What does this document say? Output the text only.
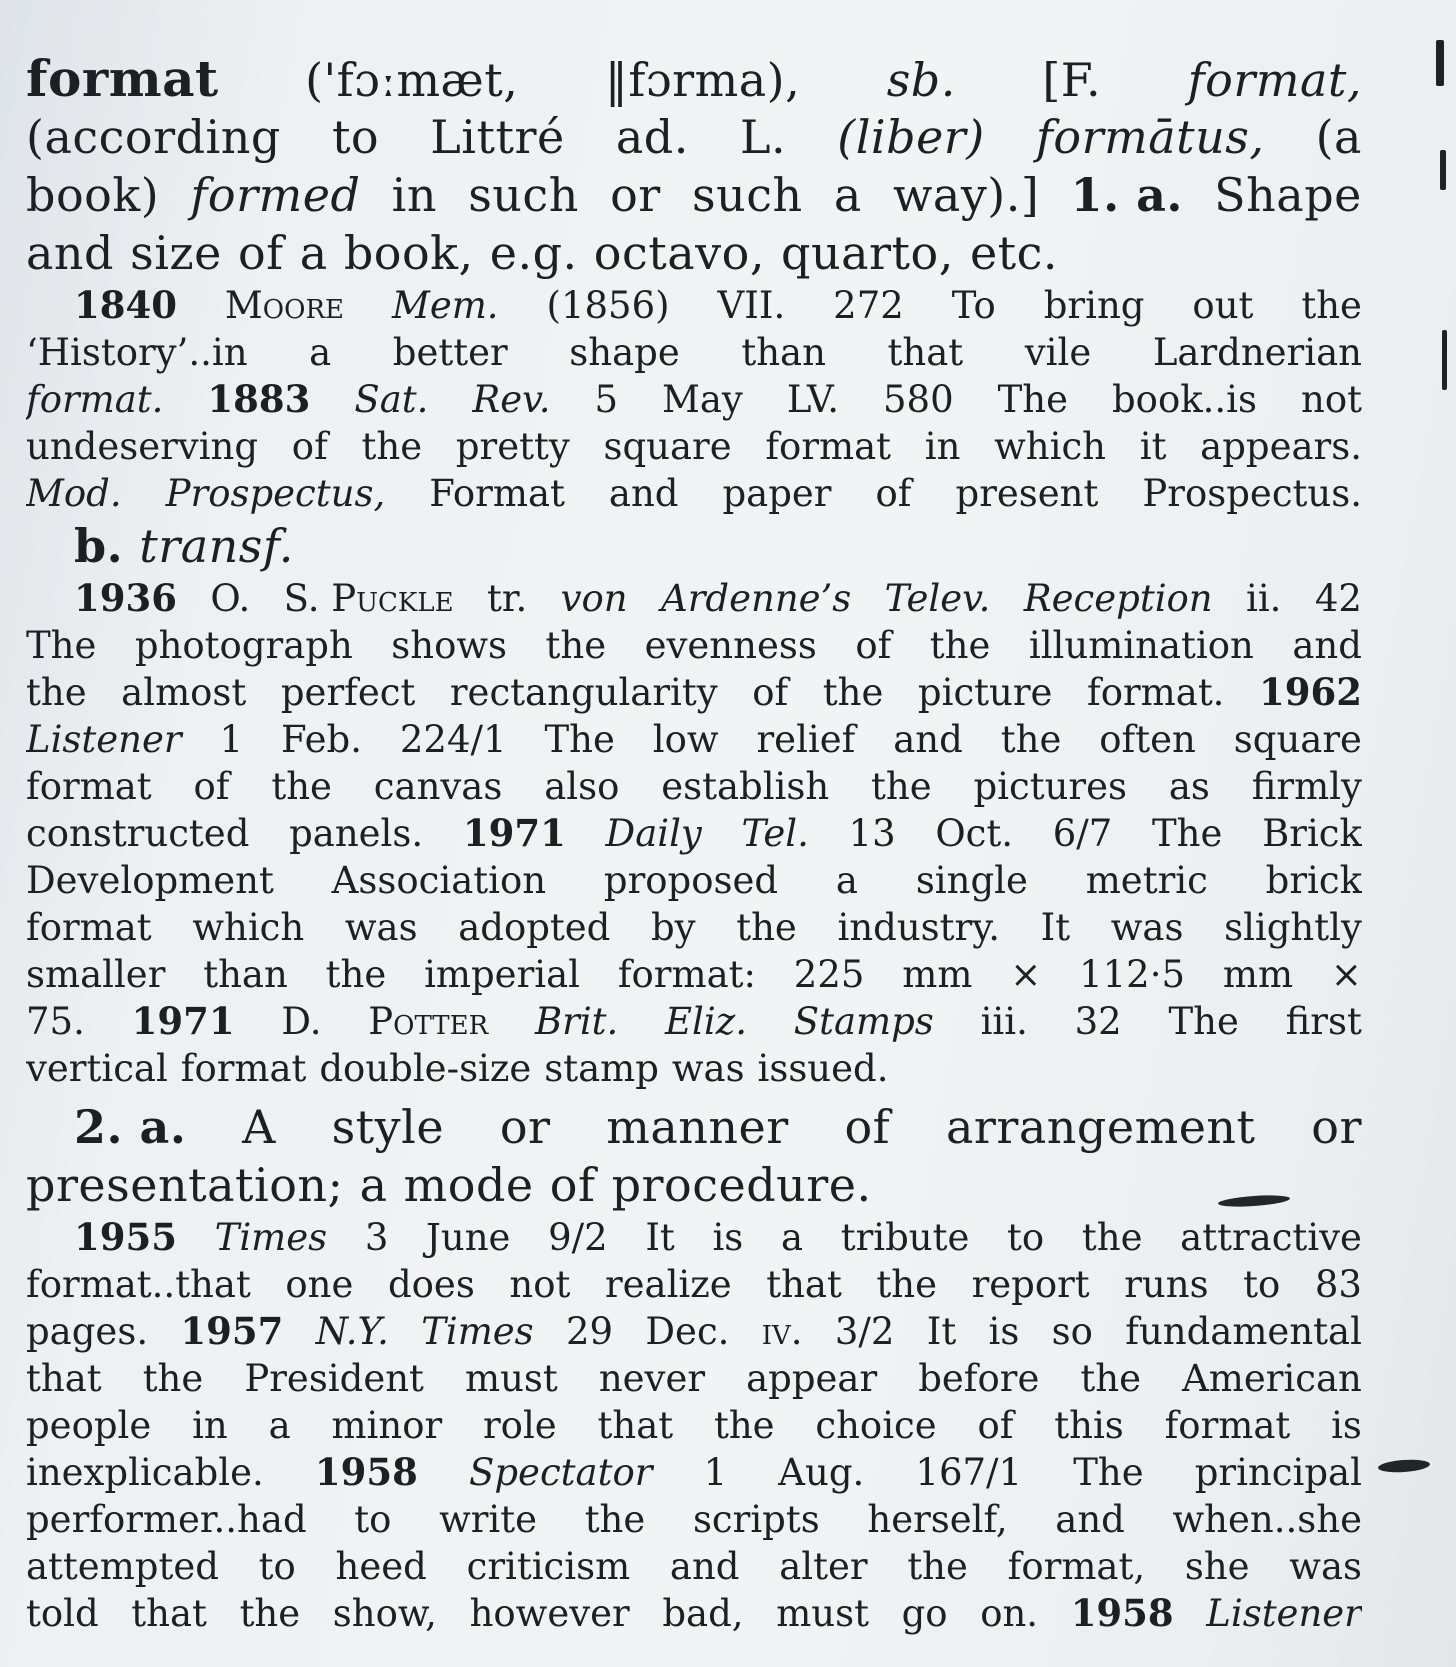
format ('fɔːmæt, ‖fɔrma), sb. [F. format,
(according to Littré ad. L. (liber) formātus, (a
book) formed in such or such a way).] 1. a. Shape
and size of a book, e.g. octavo, quarto, etc.
1840 Moore Mem. (1856) VII. 272 To bring out the
‘History’..in a better shape than that vile Lardnerian
format. 1883 Sat. Rev. 5 May LV. 580 The book..is not
undeserving of the pretty square format in which it appears.
Mod. Prospectus, Format and paper of present Prospectus.
b. transf.
1936 O. S. Puckle tr. von Ardenne’s Telev. Reception ii. 42
The photograph shows the evenness of the illumination and
the almost perfect rectangularity of the picture format. 1962
Listener 1 Feb. 224/1 The low relief and the often square
format of the canvas also establish the pictures as firmly
constructed panels. 1971 Daily Tel. 13 Oct. 6/7 The Brick
Development Association proposed a single metric brick
format which was adopted by the industry. It was slightly
smaller than the imperial format: 225 mm × 112·5 mm ×
75. 1971 D. Potter Brit. Eliz. Stamps iii. 32 The first
vertical format double-size stamp was issued.
2. a. A style or manner of arrangement or
presentation; a mode of procedure.
1955 Times 3 June 9/2 It is a tribute to the attractive
format..that one does not realize that the report runs to 83
pages. 1957 N.Y. Times 29 Dec. iv. 3/2 It is so fundamental
that the President must never appear before the American
people in a minor role that the choice of this format is
inexplicable. 1958 Spectator 1 Aug. 167/1 The principal
performer..had to write the scripts herself, and when..she
attempted to heed criticism and alter the format, she was
told that the show, however bad, must go on. 1958 Listener
